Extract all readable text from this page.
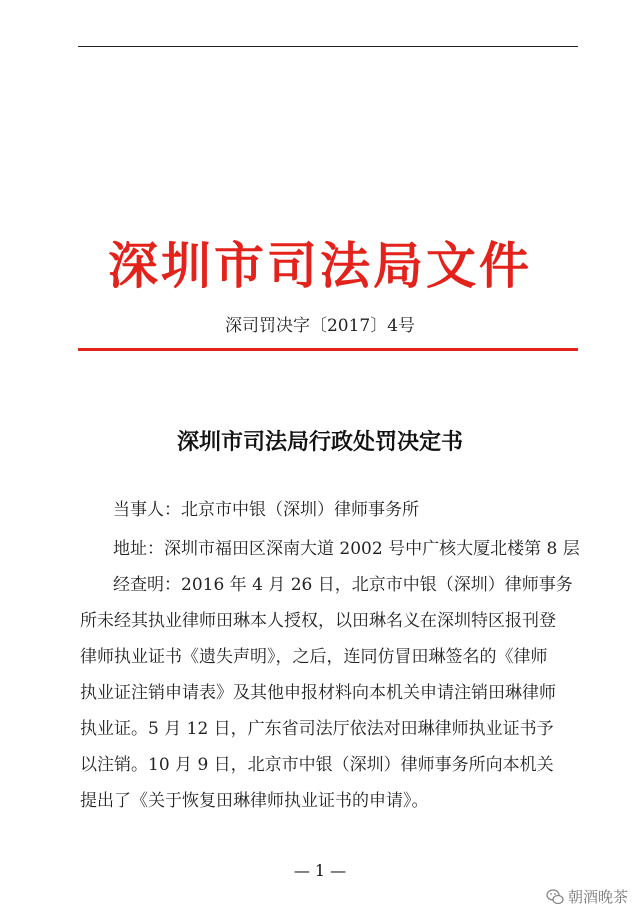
深圳市司法局文件
深司罚决字〔2017〕4号
深圳市司法局行政处罚决定书
当事人：北京市中银（深圳）律师事务所
地址：深圳市福田区深南大道 2002 号中广核大厦北楼第 8 层
经查明：2016 年 4 月 26 日，北京市中银（深圳）律师事务
所未经其执业律师田琳本人授权，以田琳名义在深圳特区报刊登
律师执业证书《遗失声明》，之后，连同仿冒田琳签名的《律师
执业证注销申请表》及其他申报材料向本机关申请注销田琳律师
执业证。5 月 12 日，广东省司法厅依法对田琳律师执业证书予
以注销。10 月 9 日，北京市中银（深圳）律师事务所向本机关
提出了《关于恢复田琳律师执业证书的申请》。
— 1 —
朝酒晚茶
